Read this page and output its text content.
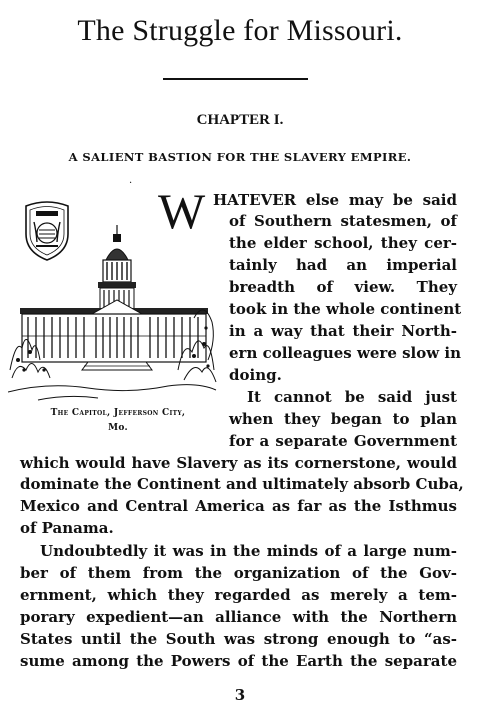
The Struggle for Missouri.
CHAPTER I.
A SALIENT BASTION FOR THE SLAVERY EMPIRE.
.
The Capitol, Jefferson City,
Mo.
W HATEVER else may be said
of Southern statesmen, of
the elder school, they cer-
tainly had an imperial
breadth of view. They
took in the whole continent
in a way that their North-
ern colleagues were slow in
doing.
It cannot be said just
when they began to plan
for a separate Government
which would have Slavery as its cornerstone, would
dominate the Continent and ultimately absorb Cuba,
Mexico and Central America as far as the Isthmus
of Panama.
Undoubtedly it was in the minds of a large num-
ber of them from the organization of the Gov-
ernment, which they regarded as merely a tem-
porary expedient—an alliance with the Northern
States until the South was strong enough to “as-
sume among the Powers of the Earth the separate
3
